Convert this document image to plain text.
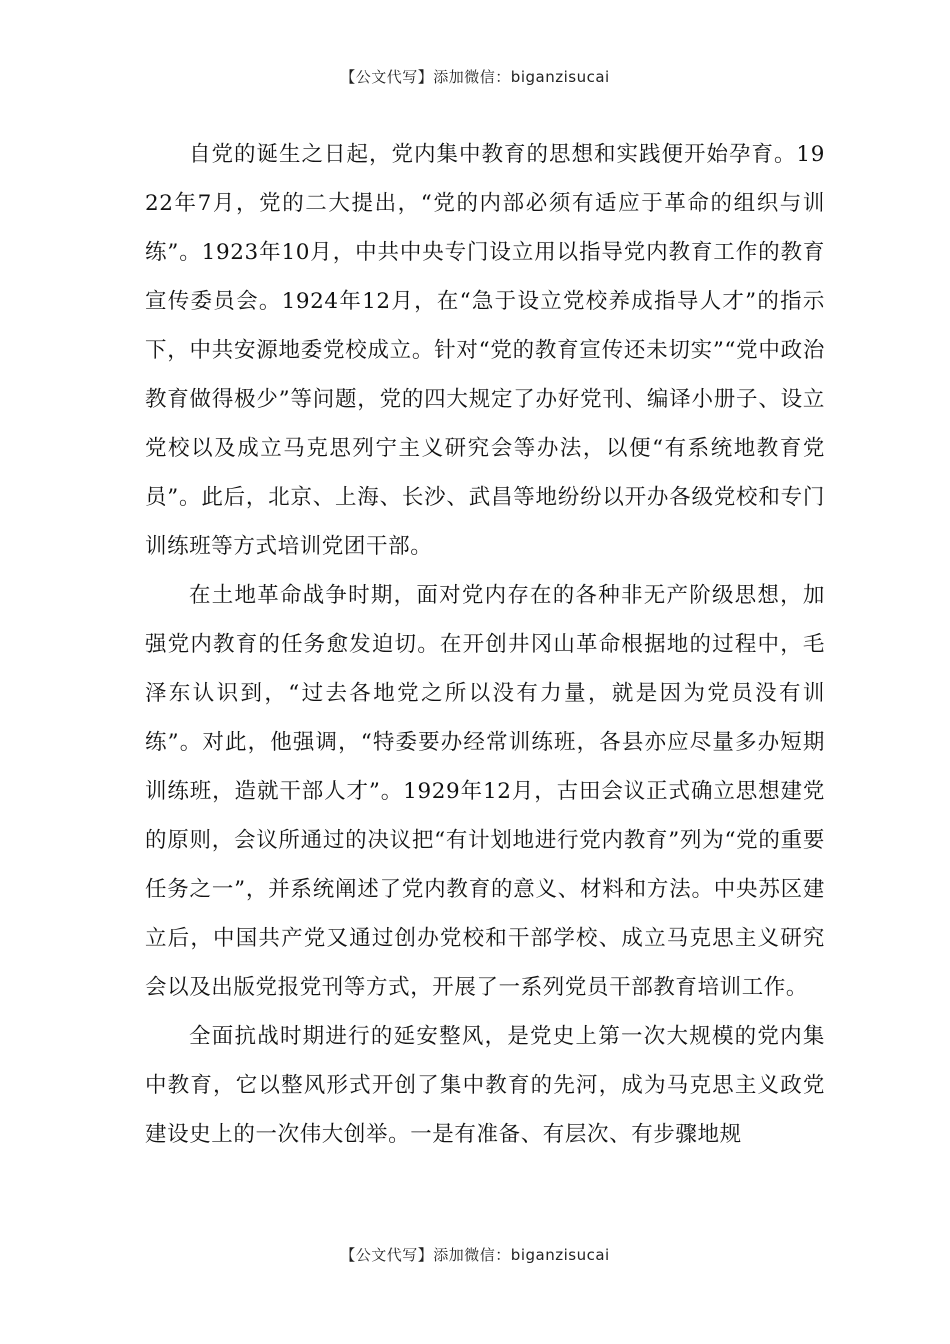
【公文代写】添加微信：biganzisucai

自党的诞生之日起，党内集中教育的思想和实践便开始孕育。1922年7月，党的二大提出，“党的内部必须有适应于革命的组织与训练”。1923年10月，中共中央专门设立用以指导党内教育工作的教育宣传委员会。1924年12月，在“急于设立党校养成指导人才”的指示下，中共安源地委党校成立。针对“党的教育宣传还未切实”“党中政治教育做得极少”等问题，党的四大规定了办好党刊、编译小册子、设立党校以及成立马克思列宁主义研究会等办法，以便“有系统地教育党员”。此后，北京、上海、长沙、武昌等地纷纷以开办各级党校和专门训练班等方式培训党团干部。

在土地革命战争时期，面对党内存在的各种非无产阶级思想，加强党内教育的任务愈发迫切。在开创井冈山革命根据地的过程中，毛泽东认识到，“过去各地党之所以没有力量，就是因为党员没有训练”。对此，他强调，“特委要办经常训练班，各县亦应尽量多办短期训练班，造就干部人才”。1929年12月，古田会议正式确立思想建党的原则，会议所通过的决议把“有计划地进行党内教育”列为“党的重要任务之一”，并系统阐述了党内教育的意义、材料和方法。中央苏区建立后，中国共产党又通过创办党校和干部学校、成立马克思主义研究会以及出版党报党刊等方式，开展了一系列党员干部教育培训工作。

全面抗战时期进行的延安整风，是党史上第一次大规模的党内集中教育，它以整风形式开创了集中教育的先河，成为马克思主义政党建设史上的一次伟大创举。一是有准备、有层次、有步骤地规

【公文代写】添加微信：biganzisucai
